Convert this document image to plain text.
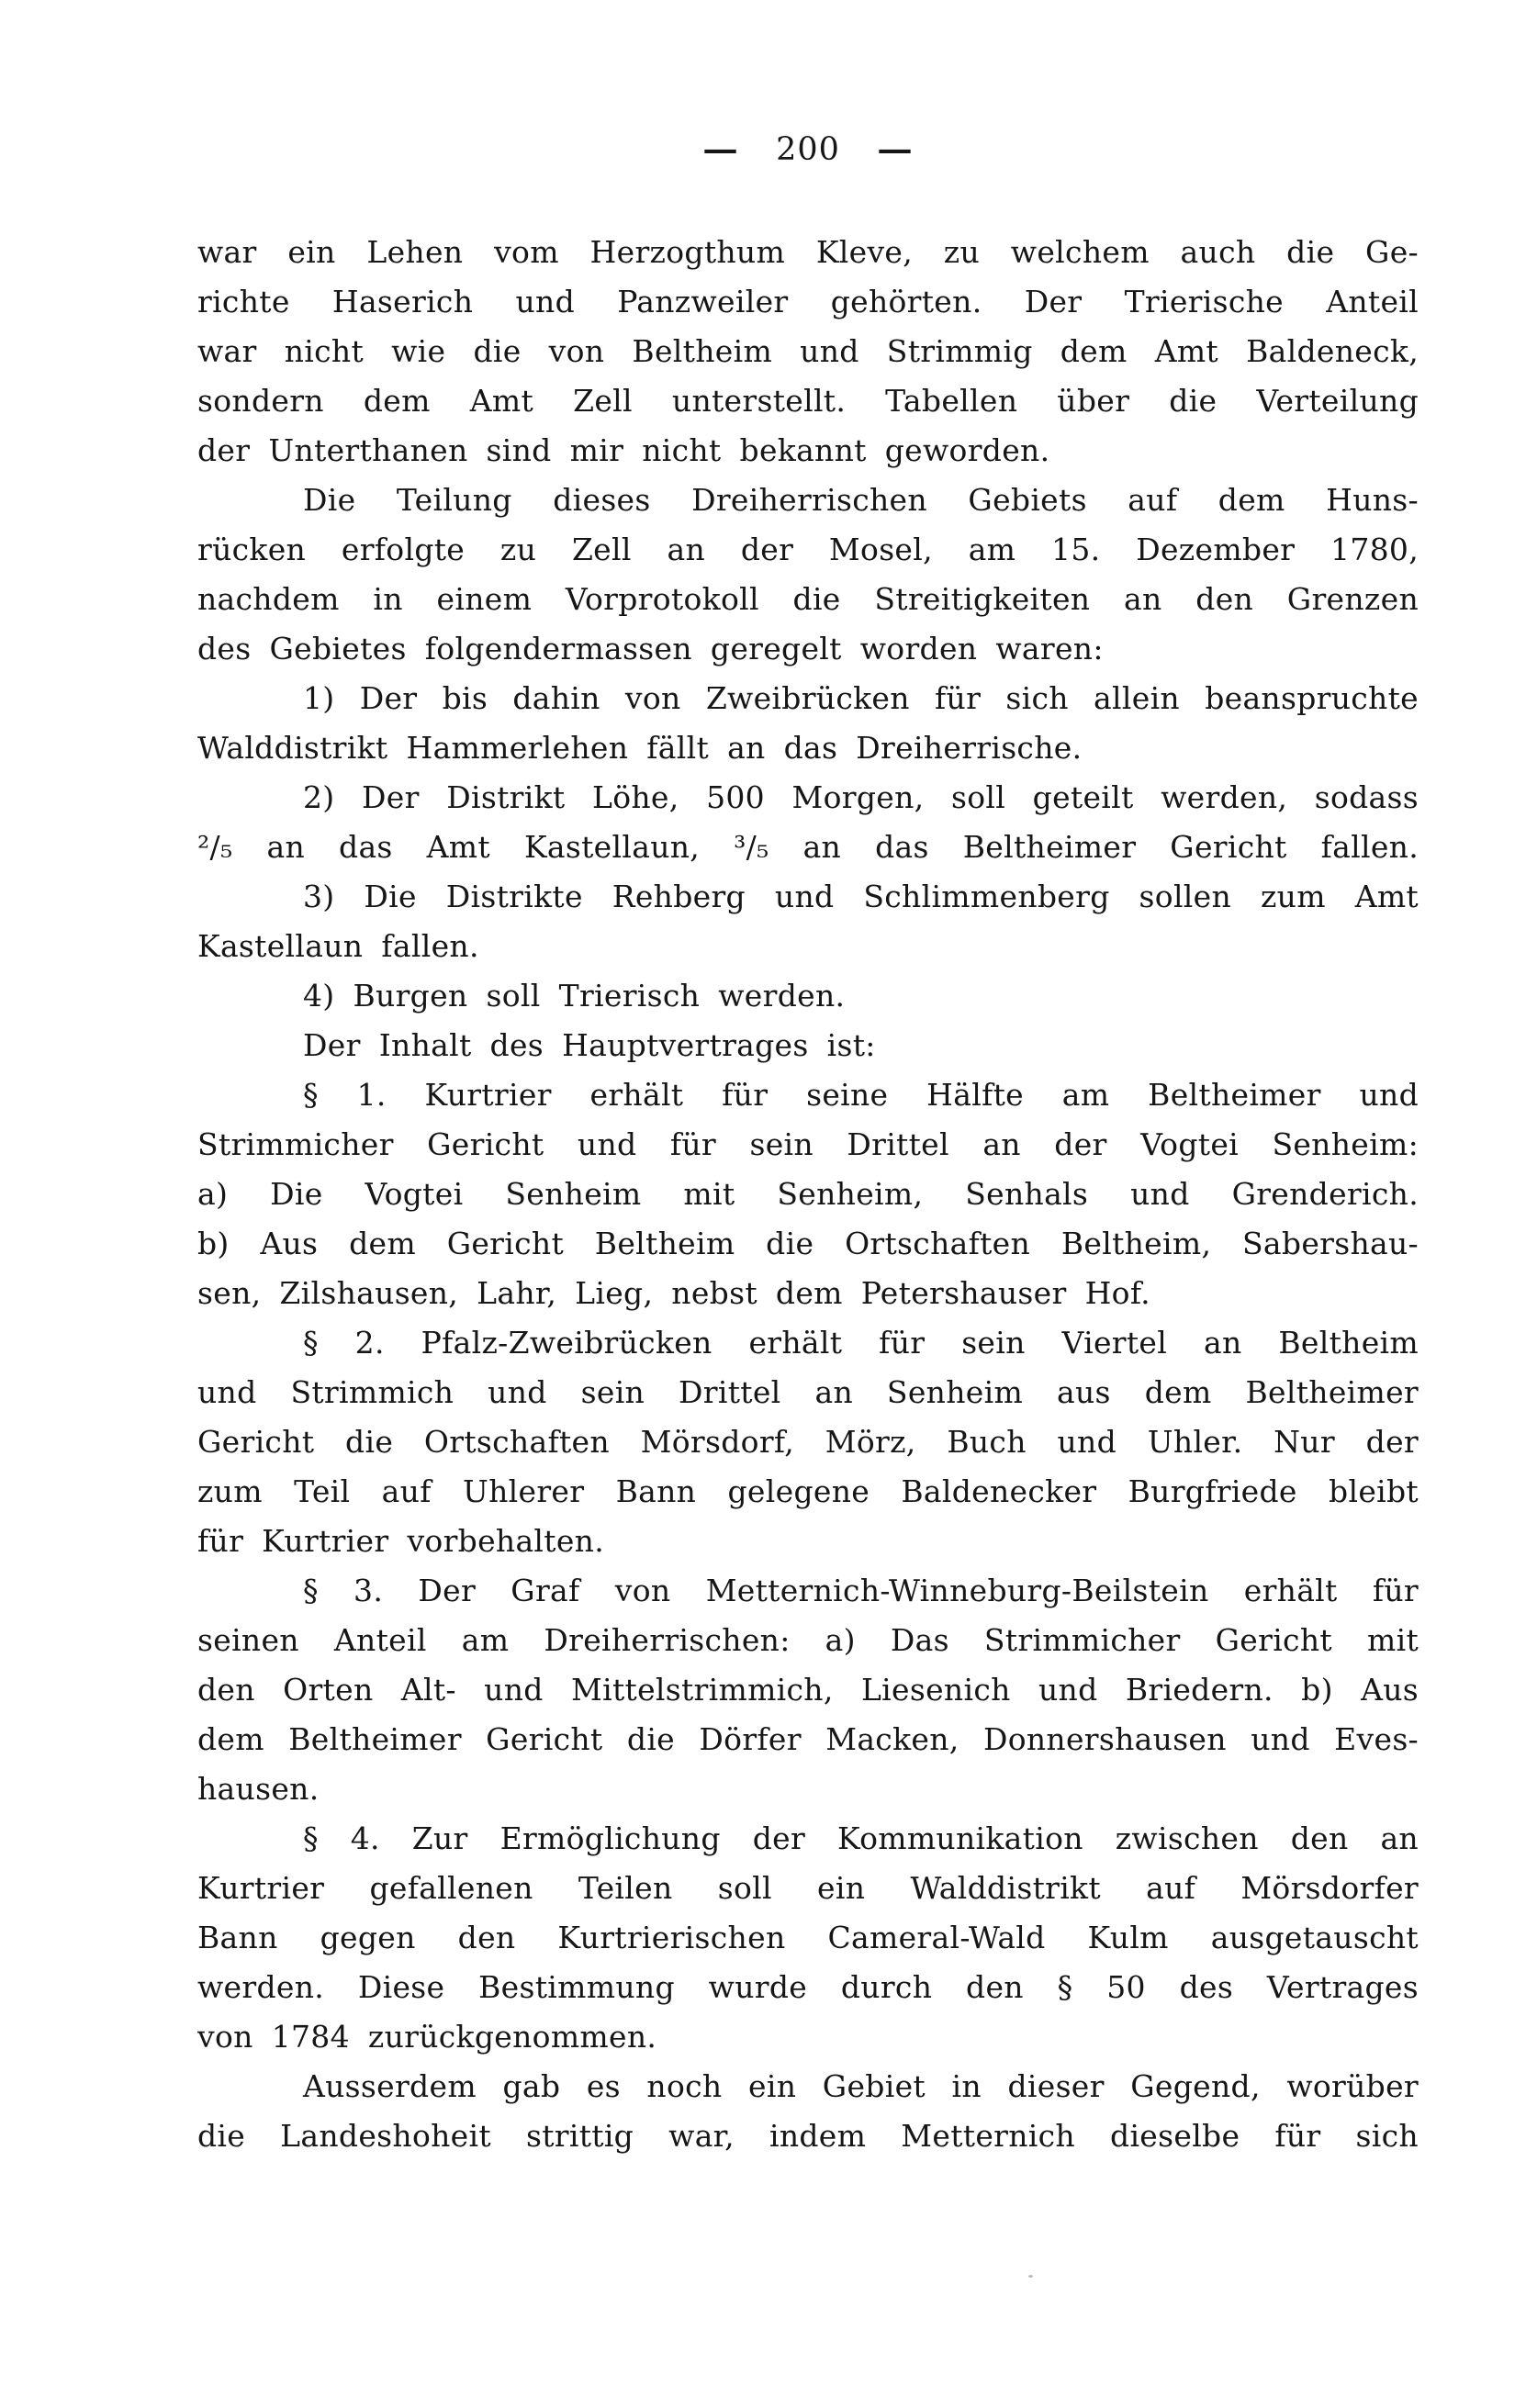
— 200 —
war ein Lehen vom Herzogthum Kleve, zu welchem auch die Ge-
richte Haserich und Panzweiler gehörten. Der Trierische Anteil
war nicht wie die von Beltheim und Strimmig dem Amt Baldeneck,
sondern dem Amt Zell unterstellt. Tabellen über die Verteilung
der Unterthanen sind mir nicht bekannt geworden.
Die Teilung dieses Dreiherrischen Gebiets auf dem Huns-
rücken erfolgte zu Zell an der Mosel, am 15. Dezember 1780,
nachdem in einem Vorprotokoll die Streitigkeiten an den Grenzen
des Gebietes folgendermassen geregelt worden waren:
1) Der bis dahin von Zweibrücken für sich allein beanspruchte
Walddistrikt Hammerlehen fällt an das Dreiherrische.
2) Der Distrikt Löhe, 500 Morgen, soll geteilt werden, sodass
²/₅ an das Amt Kastellaun, ³/₅ an das Beltheimer Gericht fallen.
3) Die Distrikte Rehberg und Schlimmenberg sollen zum Amt
Kastellaun fallen.
4) Burgen soll Trierisch werden.
Der Inhalt des Hauptvertrages ist:
§ 1. Kurtrier erhält für seine Hälfte am Beltheimer und
Strimmicher Gericht und für sein Drittel an der Vogtei Senheim:
a) Die Vogtei Senheim mit Senheim, Senhals und Grenderich.
b) Aus dem Gericht Beltheim die Ortschaften Beltheim, Sabershau-
sen, Zilshausen, Lahr, Lieg, nebst dem Petershauser Hof.
§ 2. Pfalz-Zweibrücken erhält für sein Viertel an Beltheim
und Strimmich und sein Drittel an Senheim aus dem Beltheimer
Gericht die Ortschaften Mörsdorf, Mörz, Buch und Uhler. Nur der
zum Teil auf Uhlerer Bann gelegene Baldenecker Burgfriede bleibt
für Kurtrier vorbehalten.
§ 3. Der Graf von Metternich-Winneburg-Beilstein erhält für
seinen Anteil am Dreiherrischen: a) Das Strimmicher Gericht mit
den Orten Alt- und Mittelstrimmich, Liesenich und Briedern. b) Aus
dem Beltheimer Gericht die Dörfer Macken, Donnershausen und Eves-
hausen.
§ 4. Zur Ermöglichung der Kommunikation zwischen den an
Kurtrier gefallenen Teilen soll ein Walddistrikt auf Mörsdorfer
Bann gegen den Kurtrierischen Cameral-Wald Kulm ausgetauscht
werden. Diese Bestimmung wurde durch den § 50 des Vertrages
von 1784 zurückgenommen.
Ausserdem gab es noch ein Gebiet in dieser Gegend, worüber
die Landeshoheit strittig war, indem Metternich dieselbe für sich
